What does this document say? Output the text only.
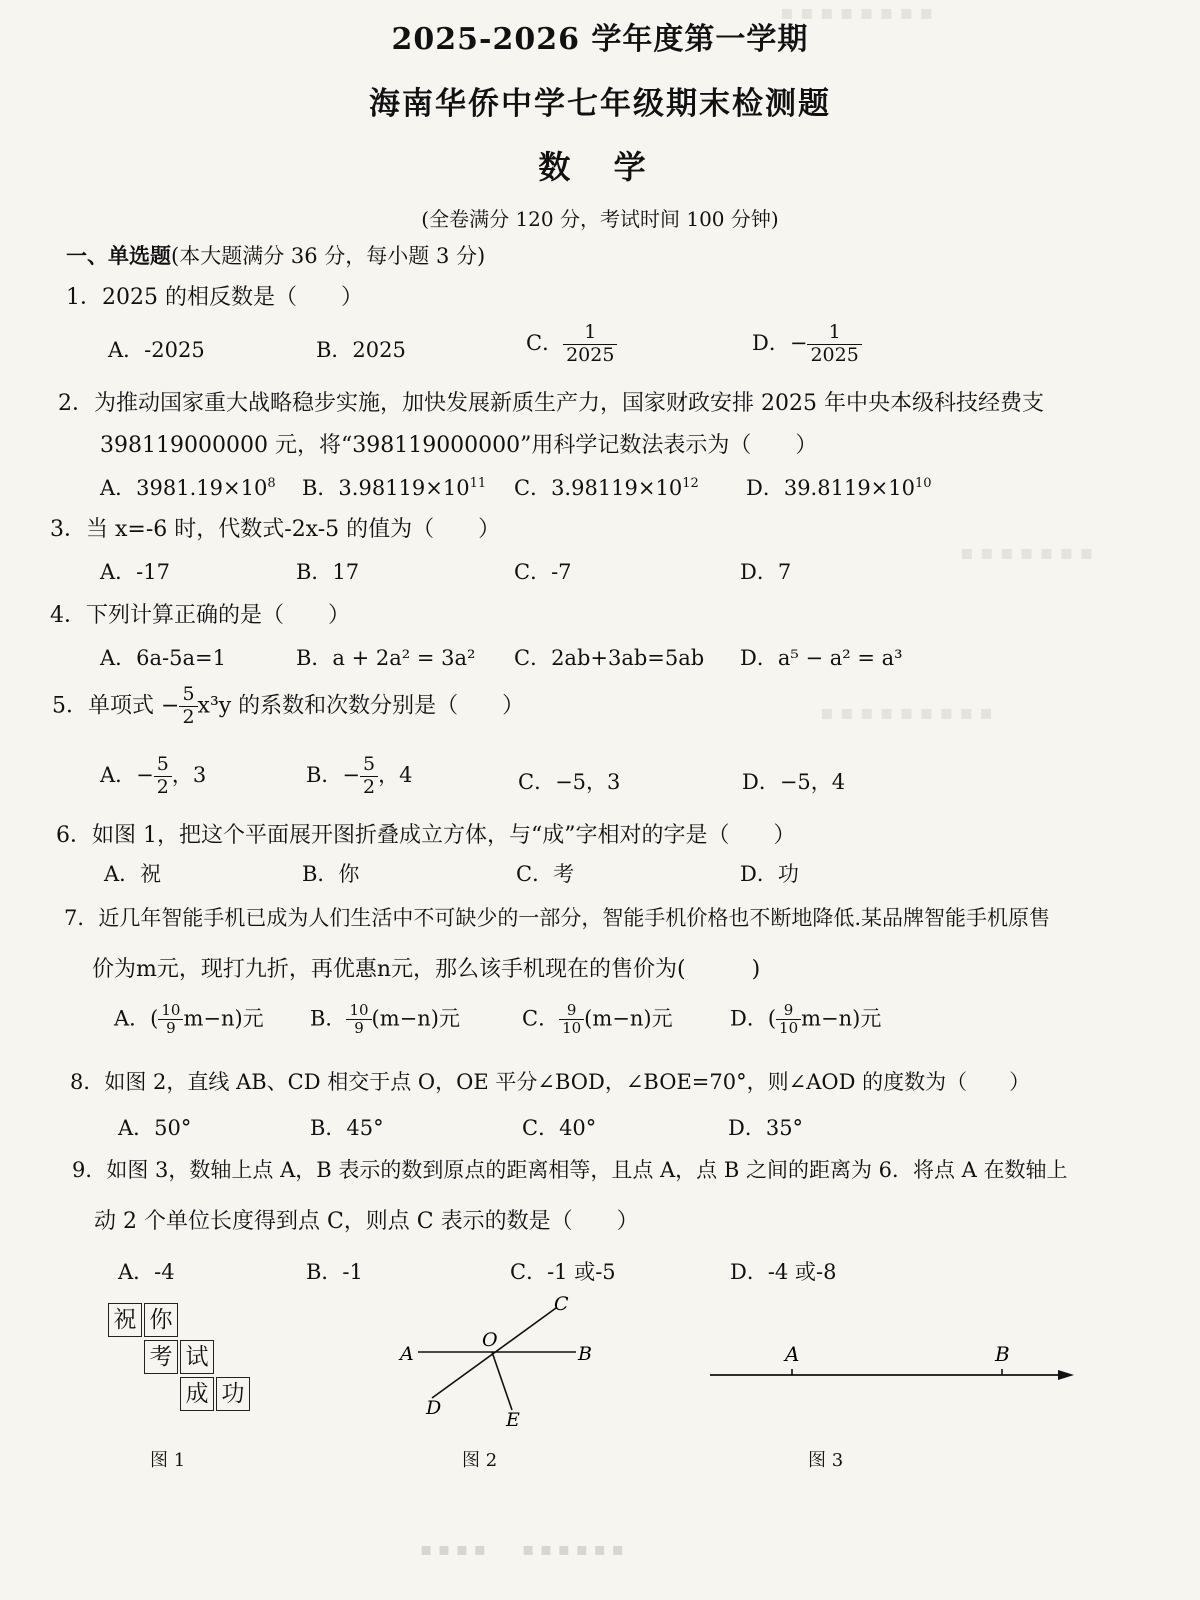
▪ ▪ ▪ ▪ ▪ ▪ ▪ ▪
▪ ▪ ▪ ▪ ▪ ▪ ▪
▪ ▪ ▪ ▪ ▪ ▪ ▪ ▪ ▪
2025-2026 学年度第一学期
海南华侨中学七年级期末检测题
数 学
(全卷满分 120 分，考试时间 100 分钟)
一、单选题(本大题满分 36 分，每小题 3 分)
1．2025 的相反数是（　　）
A．-2025	B．2025	C． $\frac{1}{2025}$	D．− $\frac{1}{2025}$
2．为推动国家重大战略稳步实施，加快发展新质生产力，国家财政安排 2025 年中央本级科技经费支
398119000000 元，将“398119000000”用科学记数法表示为（　　）
A．$3981.19\times 10^8$ B．$3.98119\times 10^{11}$ C．$3.98119\times 10^{12}$ D．$39.8119\times 10^{10}$
3．当 x=-6 时，代数式-2x-5 的值为（　　）
A．-17	B．17	C．-7	D．7
4．下列计算正确的是（　　）
A．6a-5a=1	B．a + 2a² = 3a² C．2ab+3ab=5ab D．a⁵ − a² = a³
5．单项式 − $\frac{5}{2} x^3y$ 的系数和次数分别是（　　）
A．− $\frac{5}{2}$ ，3	B．− $\frac{5}{2}$ ，4	C．−5，3	D．−5，4
6．如图 1，把这个平面展开图折叠成立方体，与“成”字相对的字是（　　）
A．祝	B．你	C．考	D．功
7．近几年智能手机已成为人们生活中不可缺少的一部分，智能手机价格也不断地降低.某品牌智能手机原售
价为m元，现打九折，再优惠n元，那么该手机现在的售价为(　　　)
A．( $\frac{10}{9} m-n$)元 B． $\frac{10}{9} (m-n)$元	C． $\frac{9}{10} (m-n)$元	D．( $\frac{9}{10} m-n$)元
8．如图 2，直线 AB、CD 相交于点 O，OE 平分∠BOD，∠BOE=70°，则∠AOD 的度数为（　　）
A．50°	B．45°	C．40°	D．35°
9．如图 3，数轴上点 A，B 表示的数到原点的距离相等，且点 A，点 B 之间的距离为 6．将点 A 在数轴上
动 2 个单位长度得到点 C，则点 C 表示的数是（　　）
A．-4	B．-1	C．-1 或-5	D．-4 或-8
祝 你
考 试
成 功
图 1
A	B
C
D
E
O
图 2
A	B
图 3
▪ ▪ ▪ ▪　　▪ ▪ ▪ ▪ ▪ ▪
